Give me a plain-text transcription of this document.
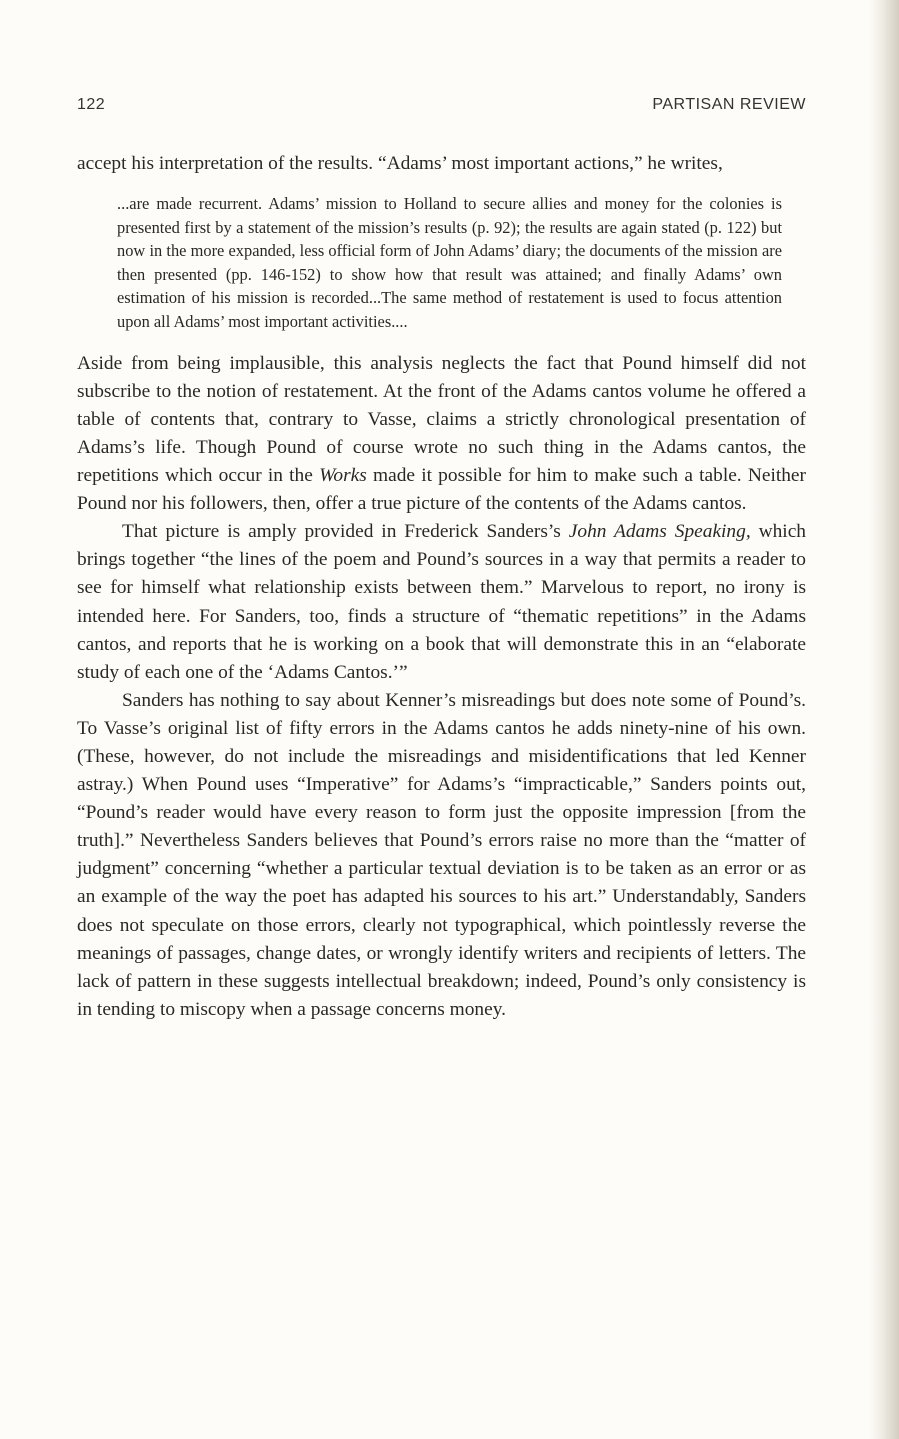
122	PARTISAN REVIEW

accept his interpretation of the results. “Adams’ most important actions,” he writes,

...are made recurrent. Adams’ mission to Holland to secure allies and money for the colonies is presented first by a statement of the mission’s results (p. 92); the results are again stated (p. 122) but now in the more expanded, less official form of John Adams’ diary; the documents of the mission are then presented (pp. 146-152) to show how that result was attained; and finally Adams’ own estimation of his mission is recorded...The same method of restatement is used to focus attention upon all Adams’ most important activities....

Aside from being implausible, this analysis neglects the fact that Pound himself did not subscribe to the notion of restatement. At the front of the Adams cantos volume he offered a table of contents that, contrary to Vasse, claims a strictly chronological presentation of Adams’s life. Though Pound of course wrote no such thing in the Adams cantos, the repetitions which occur in the Works made it possible for him to make such a table. Neither Pound nor his followers, then, offer a true picture of the contents of the Adams cantos.

That picture is amply provided in Frederick Sanders’s John Adams Speaking, which brings together “the lines of the poem and Pound’s sources in a way that permits a reader to see for himself what relationship exists between them.” Marvelous to report, no irony is intended here. For Sanders, too, finds a structure of “thematic repetitions” in the Adams cantos, and reports that he is working on a book that will demonstrate this in an “elaborate study of each one of the ‘Adams Cantos.’”

Sanders has nothing to say about Kenner’s misreadings but does note some of Pound’s. To Vasse’s original list of fifty errors in the Adams cantos he adds ninety-nine of his own. (These, however, do not include the misreadings and misidentifications that led Kenner astray.) When Pound uses “Imperative” for Adams’s “impracticable,” Sanders points out, “Pound’s reader would have every reason to form just the opposite impression [from the truth].” Nevertheless Sanders believes that Pound’s errors raise no more than the “matter of judgment” concerning “whether a particular textual deviation is to be taken as an error or as an example of the way the poet has adapted his sources to his art.” Understandably, Sanders does not speculate on those errors, clearly not typographical, which pointlessly reverse the meanings of passages, change dates, or wrongly identify writers and recipients of letters. The lack of pattern in these suggests intellectual breakdown; indeed, Pound’s only consistency is in tending to miscopy when a passage concerns money.
